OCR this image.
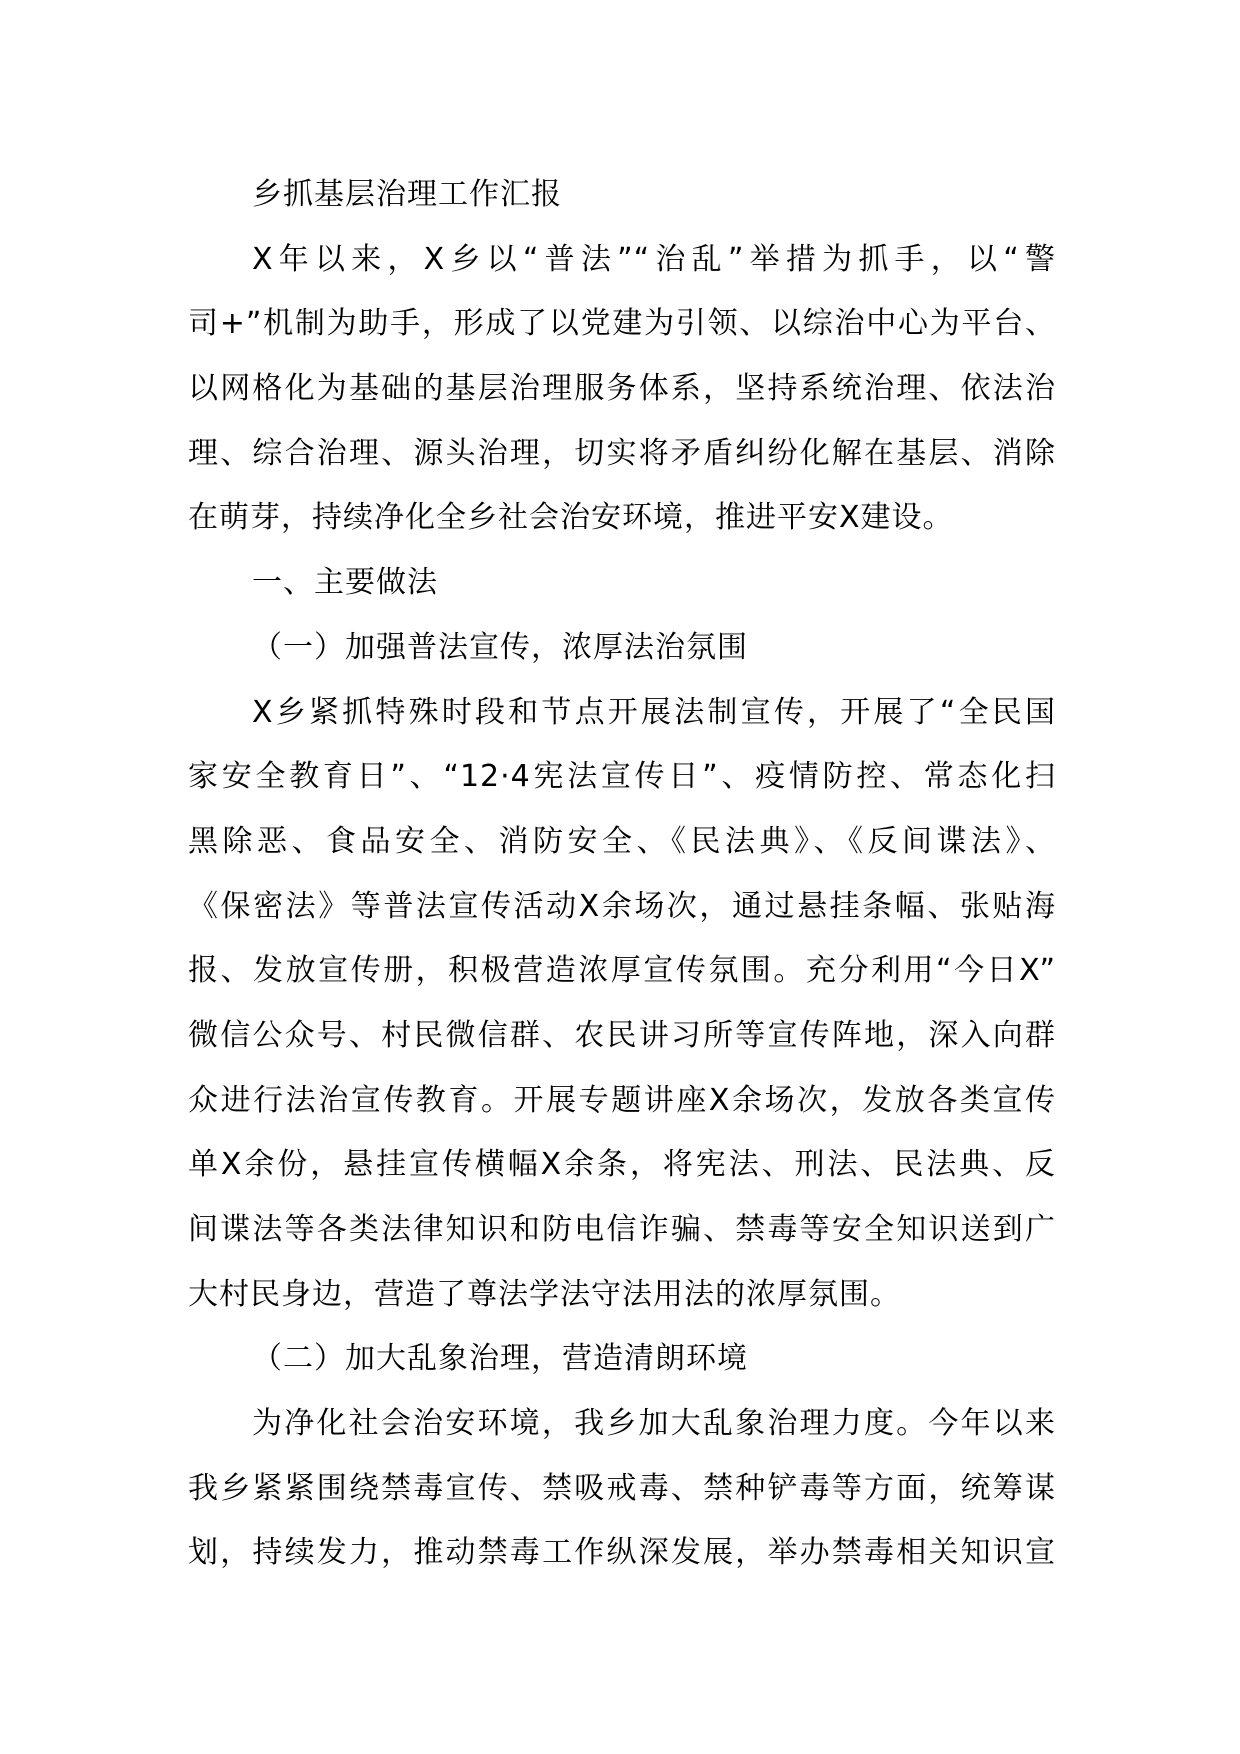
乡抓基层治理工作汇报
X年以来，X乡以“普法”“治乱”举措为抓手，以“警
司+”机制为助手，形成了以党建为引领、以综治中心为平台、
以网格化为基础的基层治理服务体系，坚持系统治理、依法治
理、综合治理、源头治理，切实将矛盾纠纷化解在基层、消除
在萌芽，持续净化全乡社会治安环境，推进平安X建设。
一、主要做法
（一）加强普法宣传，浓厚法治氛围
X乡紧抓特殊时段和节点开展法制宣传，开展了“全民国
家安全教育日”、“12·4宪法宣传日”、疫情防控、常态化扫
黑除恶、食品安全、消防安全、《民法典》、《反间谍法》、
《保密法》等普法宣传活动X余场次，通过悬挂条幅、张贴海
报、发放宣传册，积极营造浓厚宣传氛围。充分利用“今日X”
微信公众号、村民微信群、农民讲习所等宣传阵地，深入向群
众进行法治宣传教育。开展专题讲座X余场次，发放各类宣传
单X余份，悬挂宣传横幅X余条，将宪法、刑法、民法典、反
间谍法等各类法律知识和防电信诈骗、禁毒等安全知识送到广
大村民身边，营造了尊法学法守法用法的浓厚氛围。
（二）加大乱象治理，营造清朗环境
为净化社会治安环境，我乡加大乱象治理力度。今年以来
我乡紧紧围绕禁毒宣传、禁吸戒毒、禁种铲毒等方面，统筹谋
划，持续发力，推动禁毒工作纵深发展，举办禁毒相关知识宣
